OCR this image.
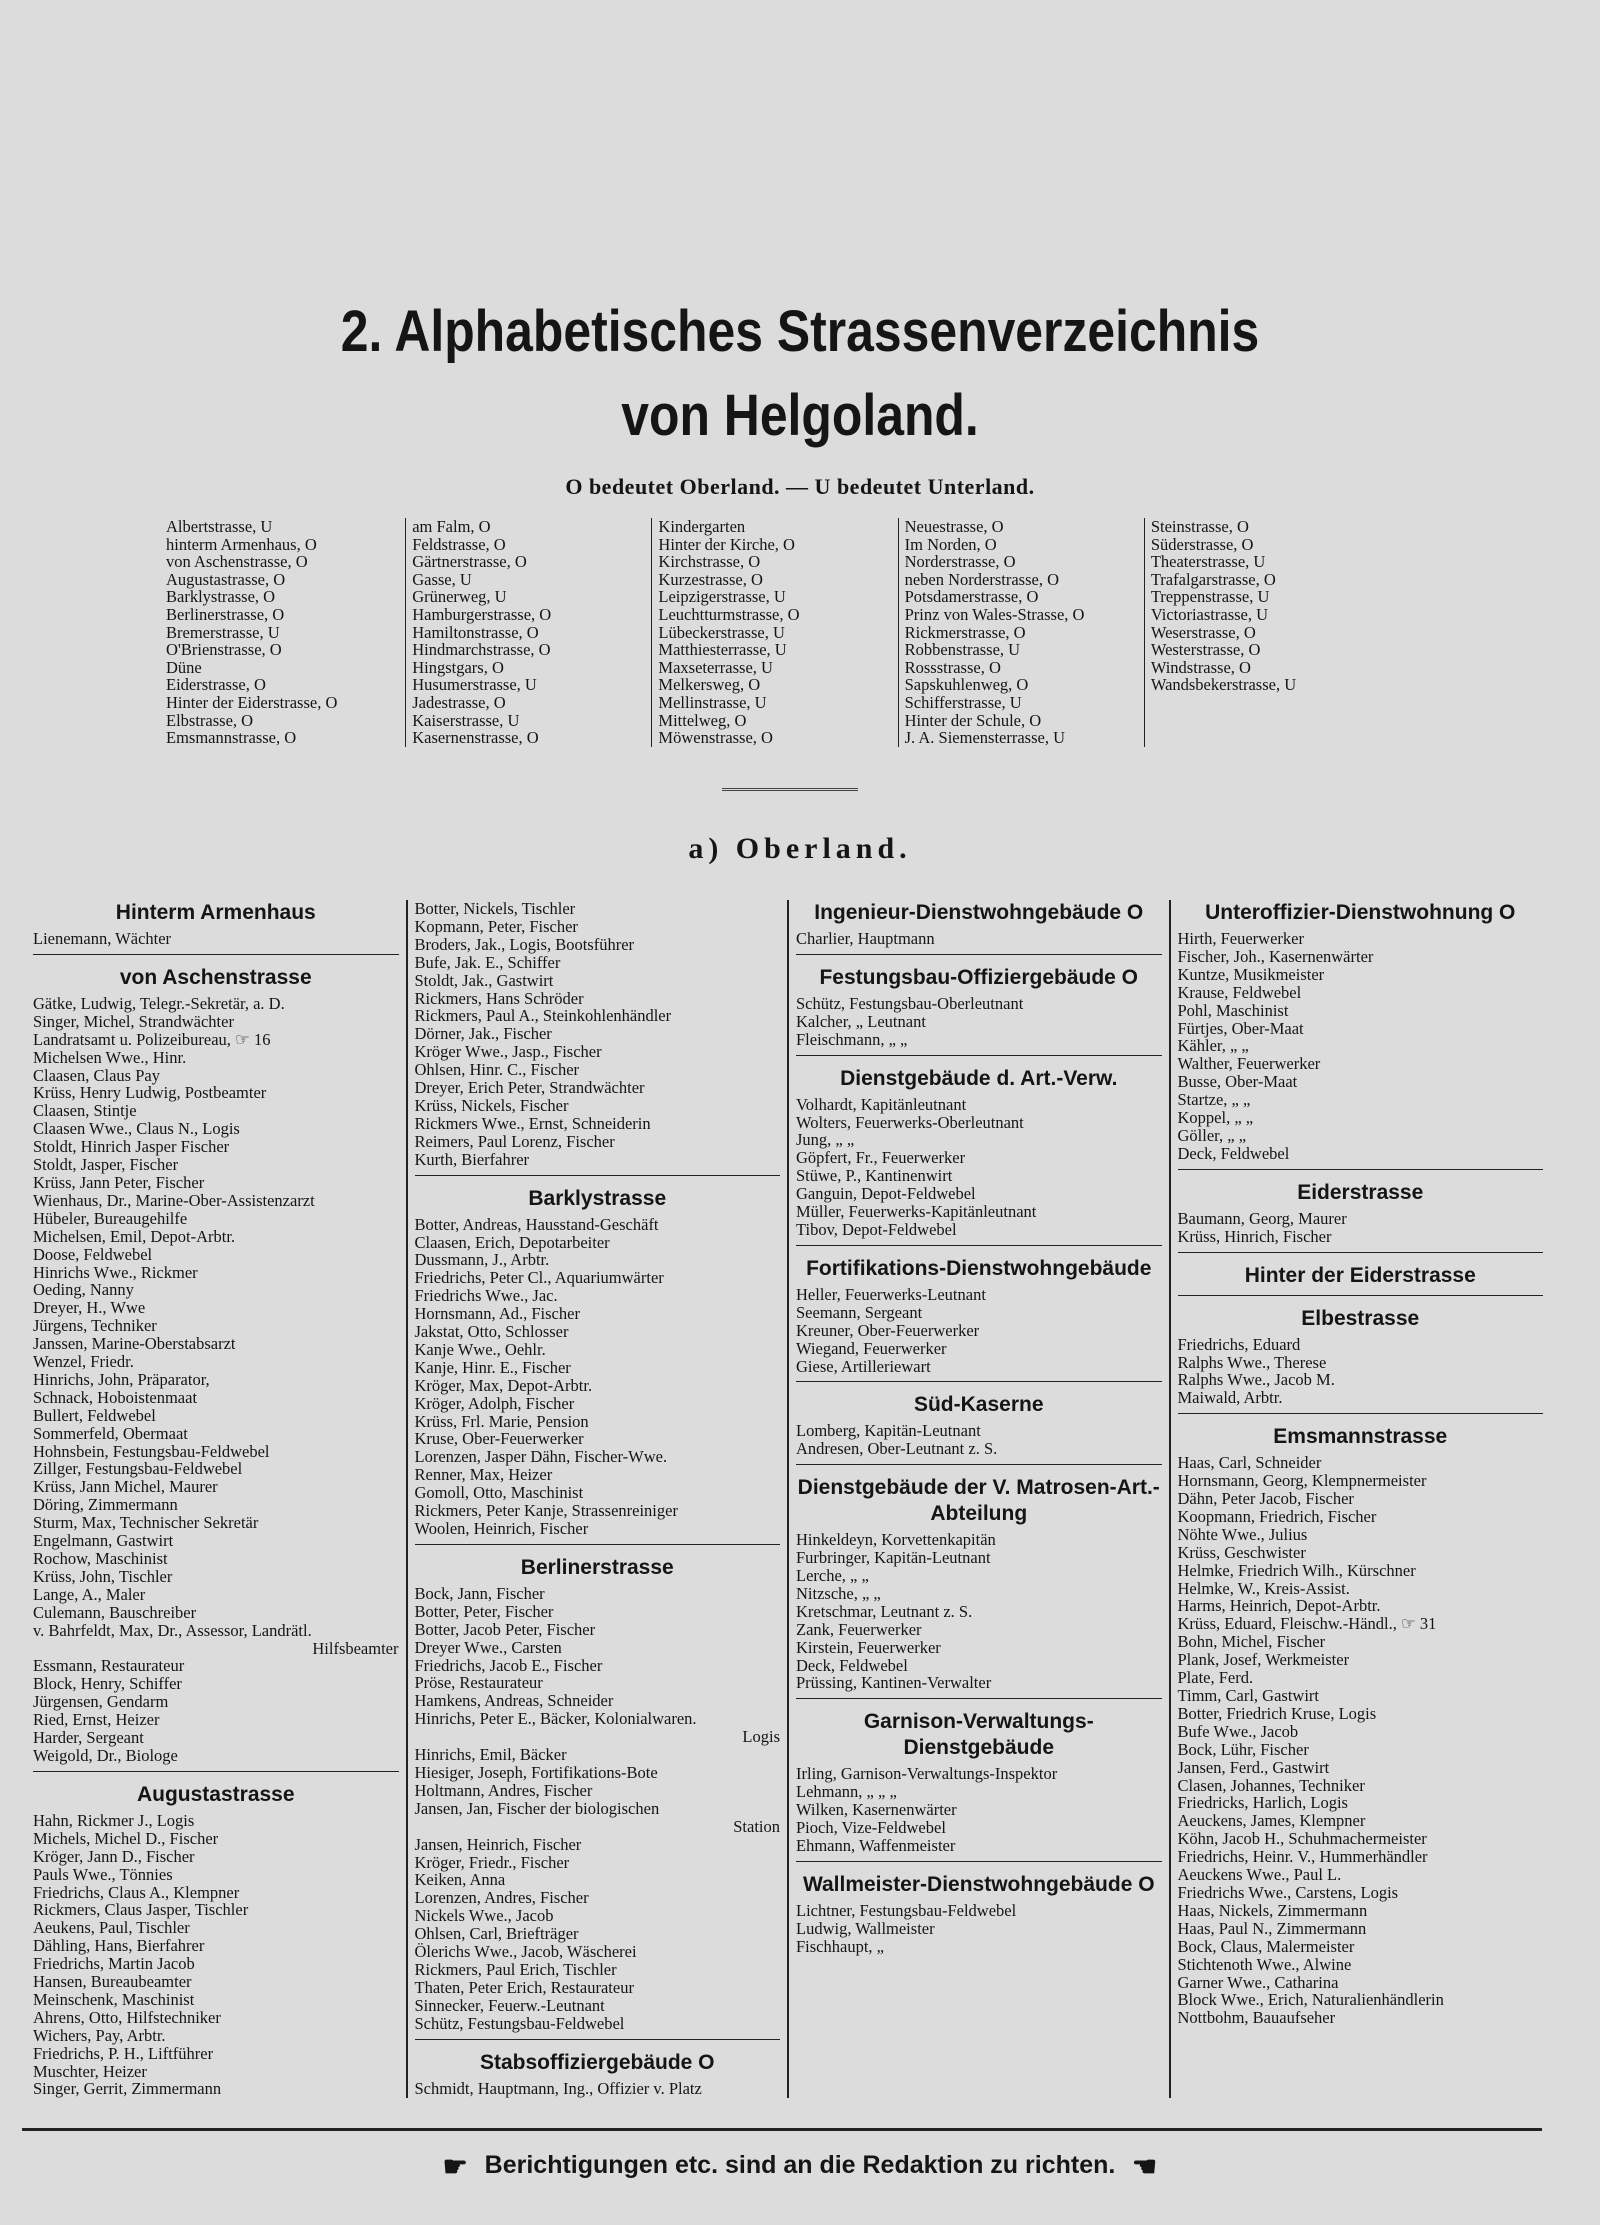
2. Alphabetisches Strassenverzeichnis
von Helgoland.
O bedeutet Oberland. — U bedeutet Unterland.
Albertstrasse, U
hinterm Armenhaus, O
von Aschenstrasse, O
Augustastrasse, O
Barklystrasse, O
Berlinerstrasse, O
Bremerstrasse, U
O'Brienstrasse, O
Düne
Eiderstrasse, O
Hinter der Eiderstrasse, O
Elbstrasse, O
Emsmannstrasse, O
am Falm, O
Feldstrasse, O
Gärtnerstrasse, O
Gasse, U
Grünerweg, U
Hamburgerstrasse, O
Hamiltonstrasse, O
Hindmarchstrasse, O
Hingstgars, O
Husumerstrasse, U
Jadestrasse, O
Kaiserstrasse, U
Kasernenstrasse, O
Kindergarten
Hinter der Kirche, O
Kirchstrasse, O
Kurzestrasse, O
Leipzigerstrasse, U
Leuchtturmstrasse, O
Lübeckerstrasse, U
Matthiesterrasse, U
Maxseterrasse, U
Melkersweg, O
Mellinstrasse, U
Mittelweg, O
Möwenstrasse, O
Neuestrasse, O
Im Norden, O
Norderstrasse, O
neben Norderstrasse, O
Potsdamerstrasse, O
Prinz von Wales-Strasse, O
Rickmerstrasse, O
Robbenstrasse, U
Rossstrasse, O
Sapskuhlenweg, O
Schifferstrasse, U
Hinter der Schule, O
J. A. Siemensterrasse, U
Steinstrasse, O
Süderstrasse, O
Theaterstrasse, U
Trafalgarstrasse, O
Treppenstrasse, U
Victoriastrasse, U
Weserstrasse, O
Westerstrasse, O
Windstrasse, O
Wandsbekerstrasse, U
a) Oberland.
Hinterm Armenhaus
Lienemann, Wächter
von Aschenstrasse
Gätke, Ludwig, Telegr.-Sekretär, a. D.
Singer, Michel, Strandwächter
Landratsamt u. Polizeibureau, ☞ 16
Michelsen Wwe., Hinr.
Claasen, Claus Pay
Krüss, Henry Ludwig, Postbeamter
Claasen, Stintje
Claasen Wwe., Claus N., Logis
Stoldt, Hinrich Jasper Fischer
Stoldt, Jasper, Fischer
Krüss, Jann Peter, Fischer
Wienhaus, Dr., Marine-Ober-Assistenzarzt
Hübeler, Bureaugehilfe
Michelsen, Emil, Depot-Arbtr.
Doose, Feldwebel
Hinrichs Wwe., Rickmer
Oeding, Nanny
Dreyer, H., Wwe
Jürgens, Techniker
Janssen, Marine-Oberstabsarzt
Wenzel, Friedr.
Hinrichs, John, Präparator,
Schnack, Hoboistenmaat
Bullert, Feldwebel
Sommerfeld, Obermaat
Hohnsbein, Festungsbau-Feldwebel
Zillger, Festungsbau-Feldwebel
Krüss, Jann Michel, Maurer
Döring, Zimmermann
Sturm, Max, Technischer Sekretär
Engelmann, Gastwirt
Rochow, Maschinist
Krüss, John, Tischler
Lange, A., Maler
Culemann, Bauschreiber
v. Bahrfeldt, Max, Dr., Assessor, Landrätl.
Hilfsbeamter
Essmann, Restaurateur
Block, Henry, Schiffer
Jürgensen, Gendarm
Ried, Ernst, Heizer
Harder, Sergeant
Weigold, Dr., Biologe
Augustastrasse
Hahn, Rickmer J., Logis
Michels, Michel D., Fischer
Kröger, Jann D., Fischer
Pauls Wwe., Tönnies
Friedrichs, Claus A., Klempner
Rickmers, Claus Jasper, Tischler
Aeukens, Paul, Tischler
Dähling, Hans, Bierfahrer
Friedrichs, Martin Jacob
Hansen, Bureaubeamter
Meinschenk, Maschinist
Ahrens, Otto, Hilfstechniker
Wichers, Pay, Arbtr.
Friedrichs, P. H., Liftführer
Muschter, Heizer
Singer, Gerrit, Zimmermann
Botter, Nickels, Tischler
Kopmann, Peter, Fischer
Broders, Jak., Logis, Bootsführer
Bufe, Jak. E., Schiffer
Stoldt, Jak., Gastwirt
Rickmers, Hans Schröder
Rickmers, Paul A., Steinkohlenhändler
Dörner, Jak., Fischer
Kröger Wwe., Jasp., Fischer
Ohlsen, Hinr. C., Fischer
Dreyer, Erich Peter, Strandwächter
Krüss, Nickels, Fischer
Rickmers Wwe., Ernst, Schneiderin
Reimers, Paul Lorenz, Fischer
Kurth, Bierfahrer
Barklystrasse
Botter, Andreas, Hausstand-Geschäft
Claasen, Erich, Depotarbeiter
Dussmann, J., Arbtr.
Friedrichs, Peter Cl., Aquariumwärter
Friedrichs Wwe., Jac.
Hornsmann, Ad., Fischer
Jakstat, Otto, Schlosser
Kanje Wwe., Oehlr.
Kanje, Hinr. E., Fischer
Kröger, Max, Depot-Arbtr.
Kröger, Adolph, Fischer
Krüss, Frl. Marie, Pension
Kruse, Ober-Feuerwerker
Lorenzen, Jasper Dähn, Fischer-Wwe.
Renner, Max, Heizer
Gomoll, Otto, Maschinist
Rickmers, Peter Kanje, Strassenreiniger
Woolen, Heinrich, Fischer
Berlinerstrasse
Bock, Jann, Fischer
Botter, Peter, Fischer
Botter, Jacob Peter, Fischer
Dreyer Wwe., Carsten
Friedrichs, Jacob E., Fischer
Pröse, Restaurateur
Hamkens, Andreas, Schneider
Hinrichs, Peter E., Bäcker, Kolonialwaren.
Logis
Hinrichs, Emil, Bäcker
Hiesiger, Joseph, Fortifikations-Bote
Holtmann, Andres, Fischer
Jansen, Jan, Fischer der biologischen
Station
Jansen, Heinrich, Fischer
Kröger, Friedr., Fischer
Keiken, Anna
Lorenzen, Andres, Fischer
Nickels Wwe., Jacob
Ohlsen, Carl, Briefträger
Ölerichs Wwe., Jacob, Wäscherei
Rickmers, Paul Erich, Tischler
Thaten, Peter Erich, Restaurateur
Sinnecker, Feuerw.-Leutnant
Schütz, Festungsbau-Feldwebel
Stabsoffiziergebäude O
Schmidt, Hauptmann, Ing., Offizier v. Platz
Ingenieur-Dienstwohngebäude O
Charlier, Hauptmann
Festungsbau-Offiziergebäude O
Schütz, Festungsbau-Oberleutnant
Kalcher, „ Leutnant
Fleischmann, „ „
Dienstgebäude d. Art.-Verw.
Volhardt, Kapitänleutnant
Wolters, Feuerwerks-Oberleutnant
Jung, „ „
Göpfert, Fr., Feuerwerker
Stüwe, P., Kantinenwirt
Ganguin, Depot-Feldwebel
Müller, Feuerwerks-Kapitänleutnant
Tibov, Depot-Feldwebel
Fortifikations-Dienstwohngebäude
Heller, Feuerwerks-Leutnant
Seemann, Sergeant
Kreuner, Ober-Feuerwerker
Wiegand, Feuerwerker
Giese, Artilleriewart
Süd-Kaserne
Lomberg, Kapitän-Leutnant
Andresen, Ober-Leutnant z. S.
Dienstgebäude der V. Matrosen-Art.-Abteilung
Hinkeldeyn, Korvettenkapitän
Furbringer, Kapitän-Leutnant
Lerche, „ „
Nitzsche, „ „
Kretschmar, Leutnant z. S.
Zank, Feuerwerker
Kirstein, Feuerwerker
Deck, Feldwebel
Prüssing, Kantinen-Verwalter
Garnison-Verwaltungs-Dienstgebäude
Irling, Garnison-Verwaltungs-Inspektor
Lehmann, „ „ „
Wilken, Kasernenwärter
Pioch, Vize-Feldwebel
Ehmann, Waffenmeister
Wallmeister-Dienstwohngebäude O
Lichtner, Festungsbau-Feldwebel
Ludwig, Wallmeister
Fischhaupt, „
Unteroffizier-Dienstwohnung O
Hirth, Feuerwerker
Fischer, Joh., Kasernenwärter
Kuntze, Musikmeister
Krause, Feldwebel
Pohl, Maschinist
Fürtjes, Ober-Maat
Kähler, „ „
Walther, Feuerwerker
Busse, Ober-Maat
Startze, „ „
Koppel, „ „
Göller, „ „
Deck, Feldwebel
Eiderstrasse
Baumann, Georg, Maurer
Krüss, Hinrich, Fischer
Hinter der Eiderstrasse
Elbestrasse
Friedrichs, Eduard
Ralphs Wwe., Therese
Ralphs Wwe., Jacob M.
Maiwald, Arbtr.
Emsmannstrasse
Haas, Carl, Schneider
Hornsmann, Georg, Klempnermeister
Dähn, Peter Jacob, Fischer
Koopmann, Friedrich, Fischer
Nöhte Wwe., Julius
Krüss, Geschwister
Helmke, Friedrich Wilh., Kürschner
Helmke, W., Kreis-Assist.
Harms, Heinrich, Depot-Arbtr.
Krüss, Eduard, Fleischw.-Händl., ☞ 31
Bohn, Michel, Fischer
Plank, Josef, Werkmeister
Plate, Ferd.
Timm, Carl, Gastwirt
Botter, Friedrich Kruse, Logis
Bufe Wwe., Jacob
Bock, Lühr, Fischer
Jansen, Ferd., Gastwirt
Clasen, Johannes, Techniker
Friedricks, Harlich, Logis
Aeuckens, James, Klempner
Köhn, Jacob H., Schuhmachermeister
Friedrichs, Heinr. V., Hummerhändler
Aeuckens Wwe., Paul L.
Friedrichs Wwe., Carstens, Logis
Haas, Nickels, Zimmermann
Haas, Paul N., Zimmermann
Bock, Claus, Malermeister
Stichtenoth Wwe., Alwine
Garner Wwe., Catharina
Block Wwe., Erich, Naturalienhändlerin
Nottbohm, Bauaufseher
☛ Berichtigungen etc. sind an die Redaktion zu richten. ☛
